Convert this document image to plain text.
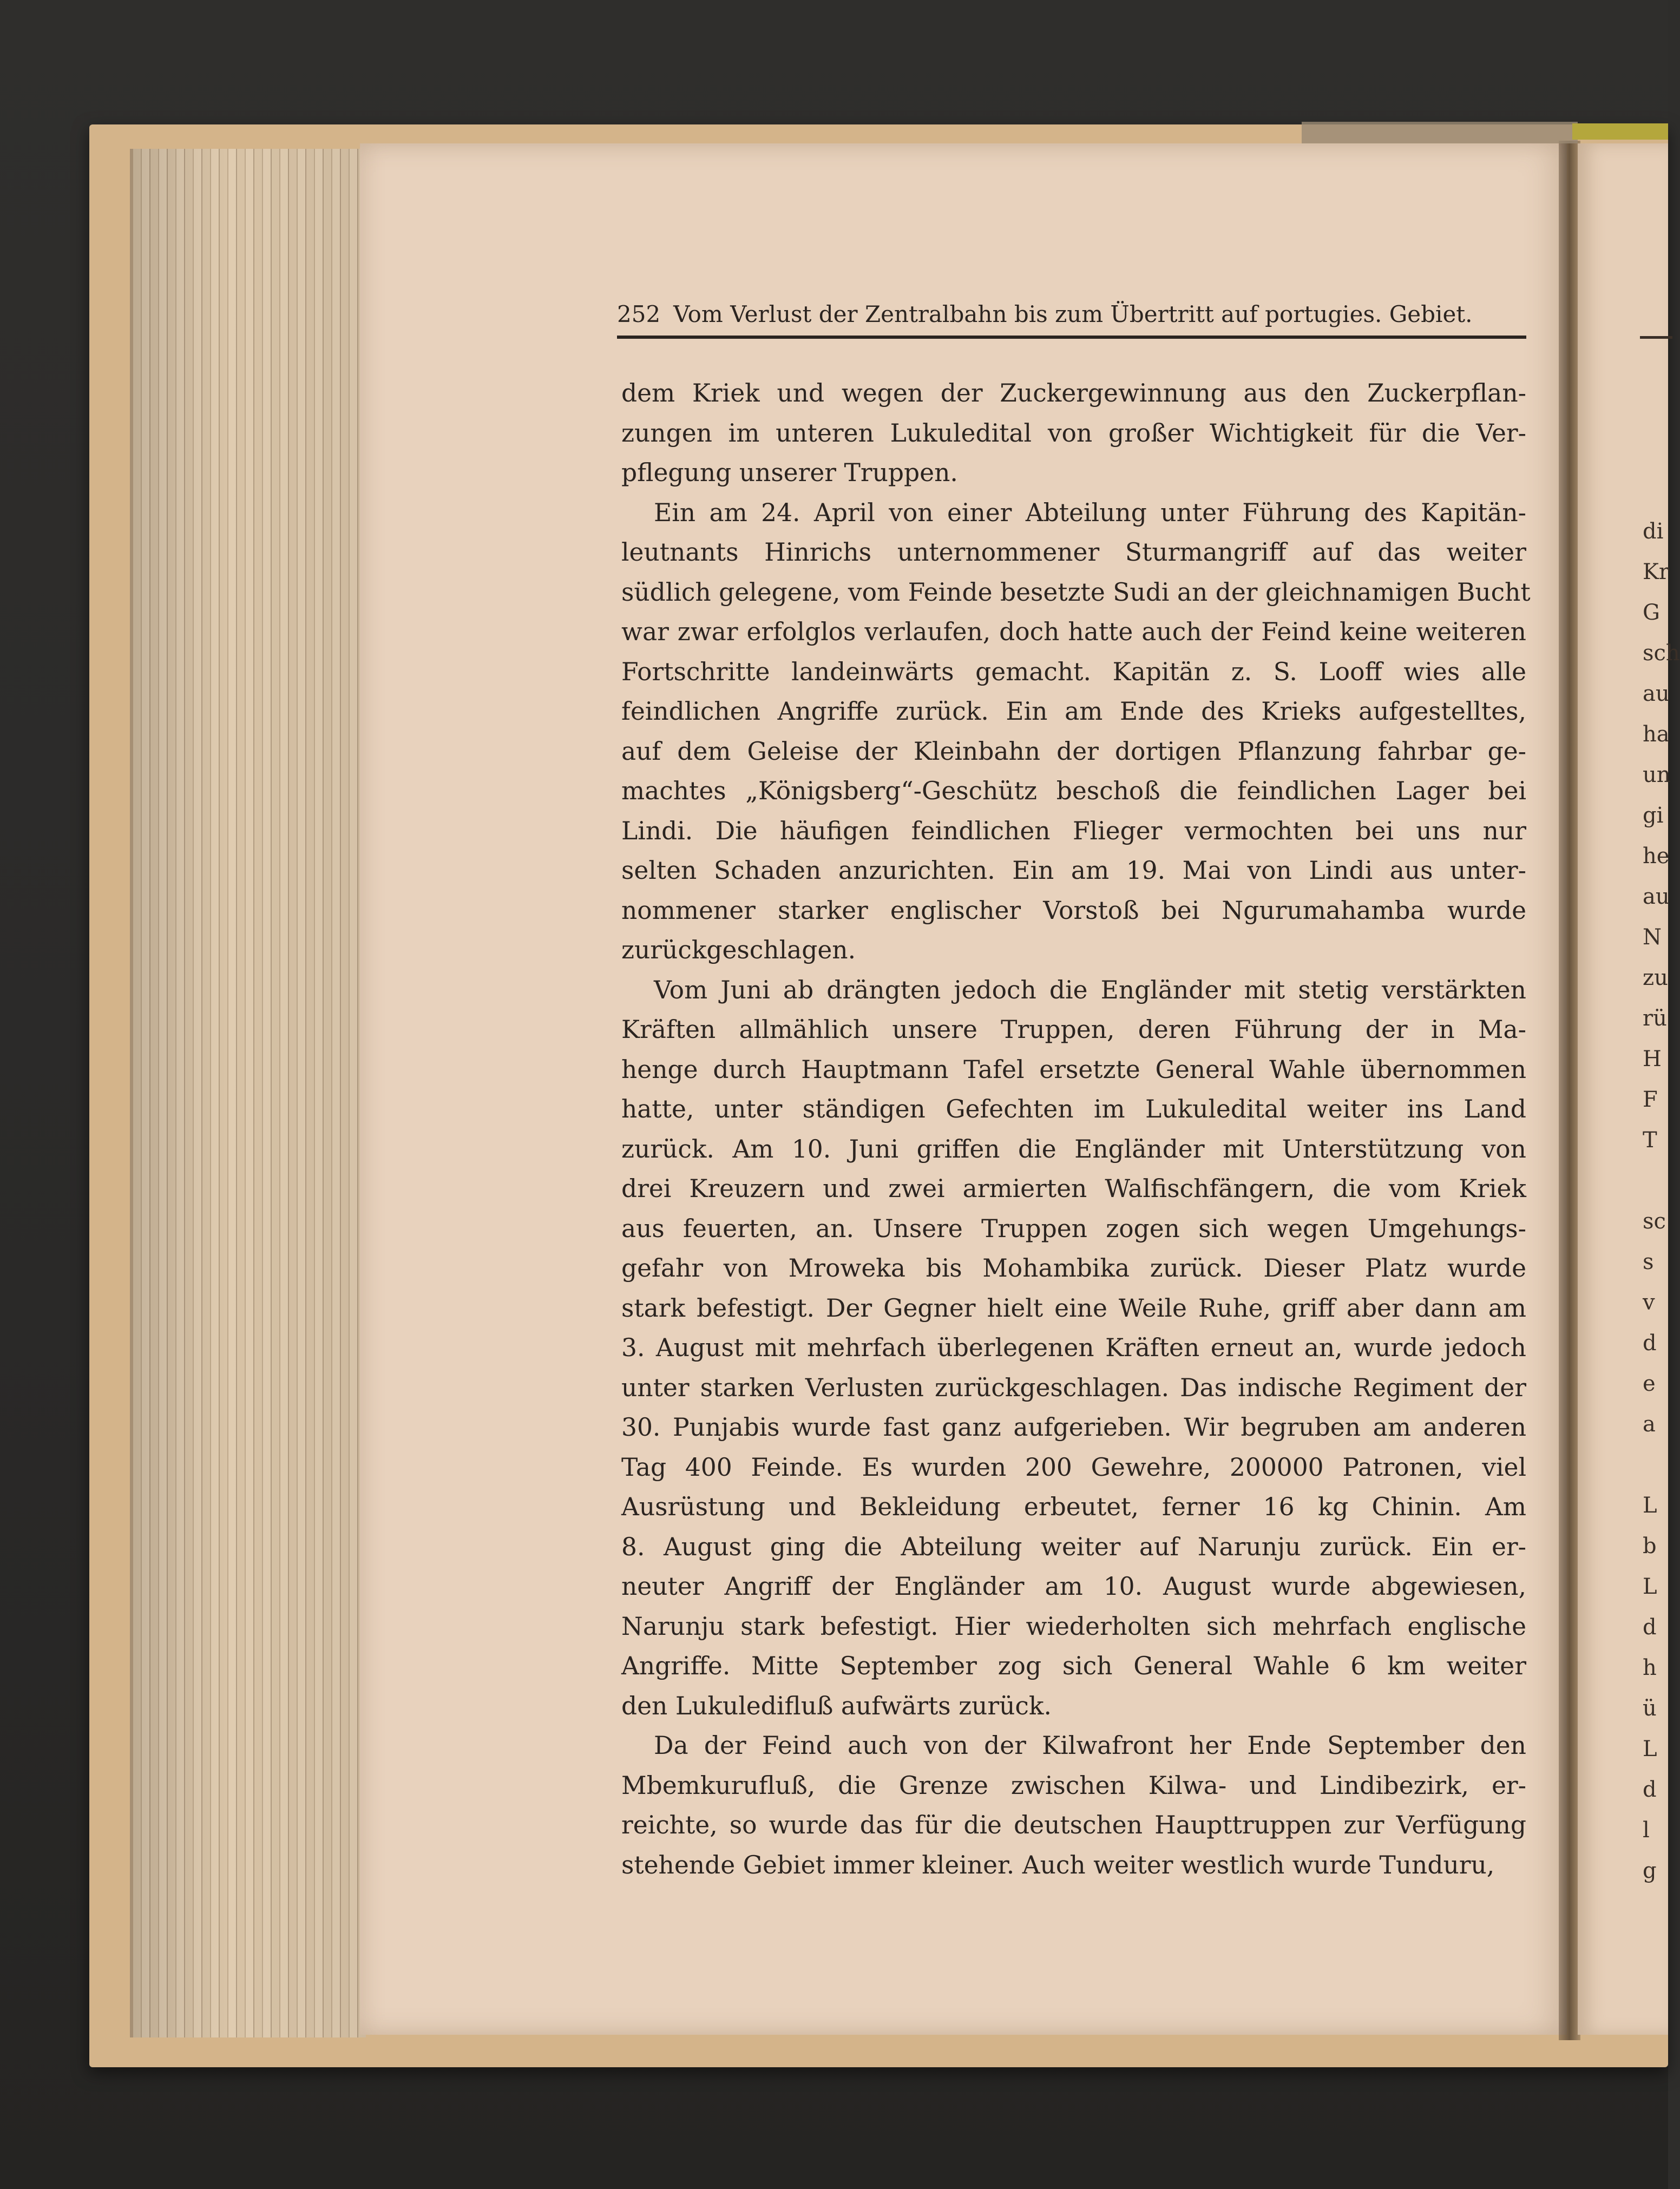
252 Vom Verlust der Zentralbahn bis zum Übertritt auf portugies. Gebiet.
dem Kriek und wegen der Zuckergewinnung aus den Zuckerpflan-
zungen im unteren Lukuledital von großer Wichtigkeit für die Ver-
pflegung unserer Truppen.
Ein am 24. April von einer Abteilung unter Führung des Kapitän-
leutnants Hinrichs unternommener Sturmangriff auf das weiter
südlich gelegene, vom Feinde besetzte Sudi an der gleichnamigen Bucht
war zwar erfolglos verlaufen, doch hatte auch der Feind keine weiteren
Fortschritte landeinwärts gemacht. Kapitän z. S. Looff wies alle
feindlichen Angriffe zurück. Ein am Ende des Krieks aufgestelltes,
auf dem Geleise der Kleinbahn der dortigen Pflanzung fahrbar ge-
machtes „Königsberg“-Geschütz beschoß die feindlichen Lager bei
Lindi. Die häufigen feindlichen Flieger vermochten bei uns nur
selten Schaden anzurichten. Ein am 19. Mai von Lindi aus unter-
nommener starker englischer Vorstoß bei Ngurumahamba wurde
zurückgeschlagen.
Vom Juni ab drängten jedoch die Engländer mit stetig verstärkten
Kräften allmählich unsere Truppen, deren Führung der in Ma-
henge durch Hauptmann Tafel ersetzte General Wahle übernommen
hatte, unter ständigen Gefechten im Lukuledital weiter ins Land
zurück. Am 10. Juni griffen die Engländer mit Unterstützung von
drei Kreuzern und zwei armierten Walfischfängern, die vom Kriek
aus feuerten, an. Unsere Truppen zogen sich wegen Umgehungs-
gefahr von Mroweka bis Mohambika zurück. Dieser Platz wurde
stark befestigt. Der Gegner hielt eine Weile Ruhe, griff aber dann am
3. August mit mehrfach überlegenen Kräften erneut an, wurde jedoch
unter starken Verlusten zurückgeschlagen. Das indische Regiment der
30. Punjabis wurde fast ganz aufgerieben. Wir begruben am anderen
Tag 400 Feinde. Es wurden 200 Gewehre, 200000 Patronen, viel
Ausrüstung und Bekleidung erbeutet, ferner 16 kg Chinin. Am
8. August ging die Abteilung weiter auf Narunju zurück. Ein er-
neuter Angriff der Engländer am 10. August wurde abgewiesen,
Narunju stark befestigt. Hier wiederholten sich mehrfach englische
Angriffe. Mitte September zog sich General Wahle 6 km weiter
den Lukuledifluß aufwärts zurück.
Da der Feind auch von der Kilwafront her Ende September den
Mbemkurufluß, die Grenze zwischen Kilwa- und Lindibezirk, er-
reichte, so wurde das für die deutschen Haupttruppen zur Verfügung
stehende Gebiet immer kleiner. Auch weiter westlich wurde Tunduru,
di
Kr
G
sch
au
ha
un
gi
he
au
N
zu
rü
H
F
T
sc
s
v
d
e
a
L
b
L
d
h
ü
L
d
l
g
